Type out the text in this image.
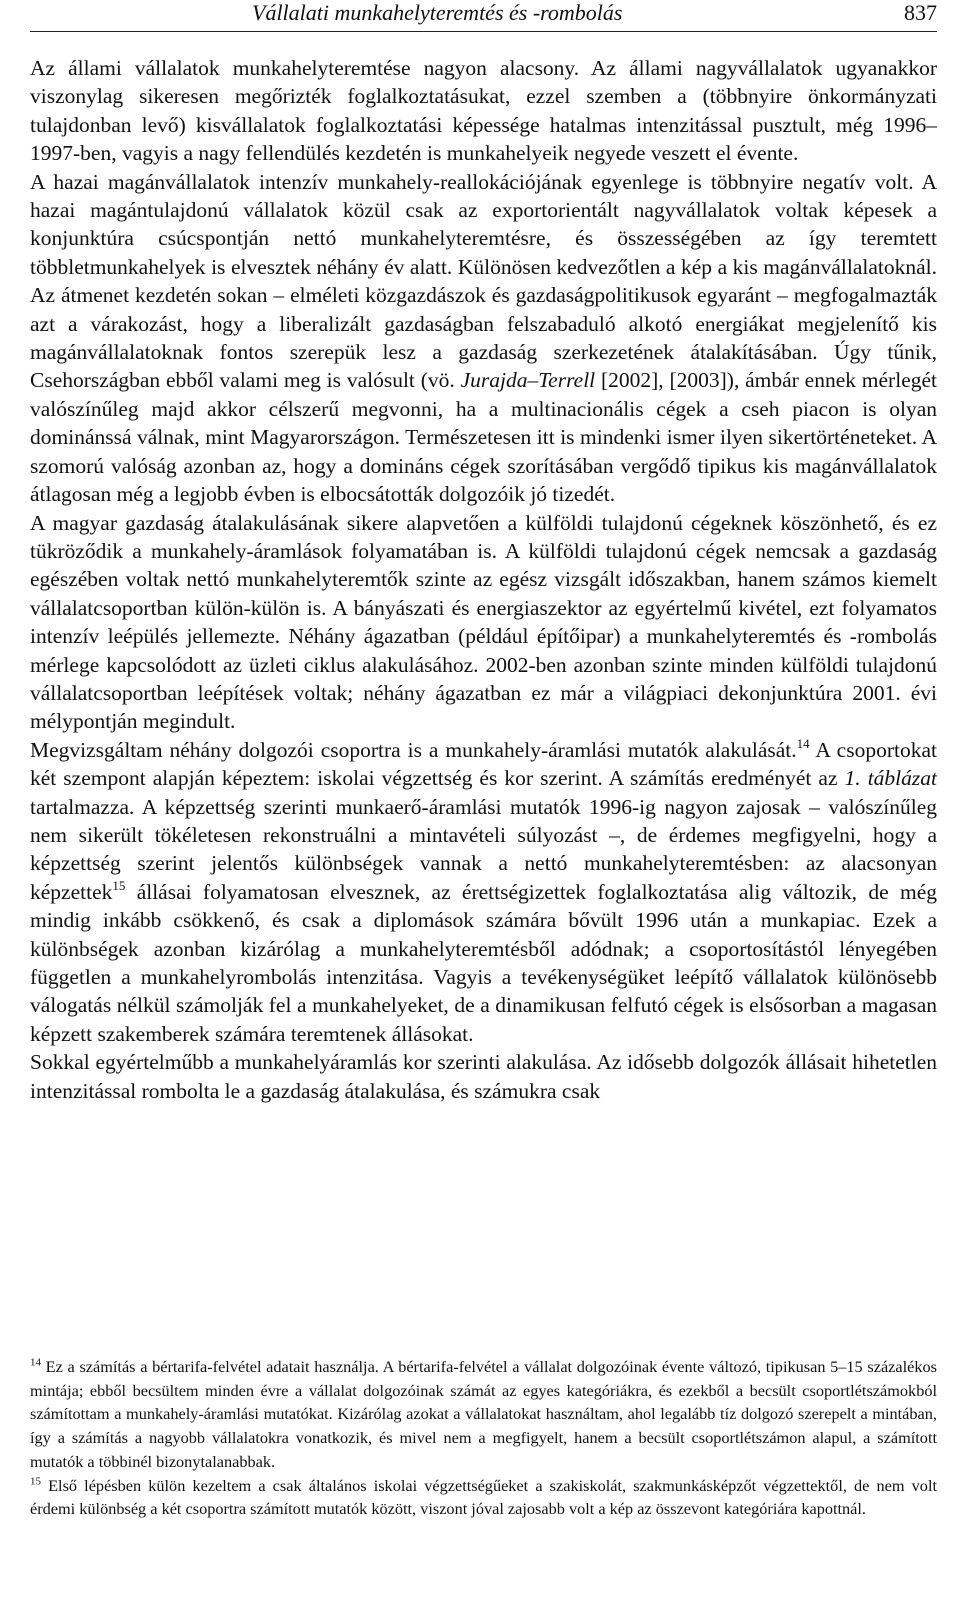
Vállalati munkahelyteremtés és -rombolás	837

Az állami vállalatok munkahelyteremtése nagyon alacsony. Az állami nagyvállalatok ugyanakkor viszonylag sikeresen megőrizték foglalkoztatásukat, ezzel szemben a (többnyire önkormányzati tulajdonban levő) kisvállalatok foglalkoztatási képessége hatalmas intenzitással pusztult, még 1996–1997-ben, vagyis a nagy fellendülés kezdetén is munkahelyeik negyede veszett el évente.

A hazai magánvállalatok intenzív munkahely-reallokációjának egyenlege is többnyire negatív volt. A hazai magántulajdonú vállalatok közül csak az exportorientált nagyvállalatok voltak képesek a konjunktúra csúcspontján nettó munkahelyteremtésre, és összességében az így teremtett többletmunkahelyek is elvesztek néhány év alatt. Különösen kedvezőtlen a kép a kis magánvállalatoknál. Az átmenet kezdetén sokan – elméleti közgazdászok és gazdaságpolitikusok egyaránt – megfogalmazták azt a várakozást, hogy a liberalizált gazdaságban felszabaduló alkotó energiákat megjelenítő kis magánvállalatoknak fontos szerepük lesz a gazdaság szerkezetének átalakításában. Úgy tűnik, Csehországban ebből valami meg is valósult (vö. Jurajda–Terrell [2002], [2003]), ámbár ennek mérlegét valószínűleg majd akkor célszerű megvonni, ha a multinacionális cégek a cseh piacon is olyan dominánssá válnak, mint Magyarországon. Természetesen itt is mindenki ismer ilyen sikertörténeteket. A szomorú valóság azonban az, hogy a domináns cégek szorításában vergődő tipikus kis magánvállalatok átlagosan még a legjobb évben is elbocsátották dolgozóik jó tizedét.

A magyar gazdaság átalakulásának sikere alapvetően a külföldi tulajdonú cégeknek köszönhető, és ez tükröződik a munkahely-áramlások folyamatában is. A külföldi tulajdonú cégek nemcsak a gazdaság egészében voltak nettó munkahelyteremtők szinte az egész vizsgált időszakban, hanem számos kiemelt vállalatcsoportban külön-külön is. A bányászati és energiaszektor az egyértelmű kivétel, ezt folyamatos intenzív leépülés jellemezte. Néhány ágazatban (például építőipar) a munkahelyteremtés és -rombolás mérlege kapcsolódott az üzleti ciklus alakulásához. 2002-ben azonban szinte minden külföldi tulajdonú vállalatcsoportban leépítések voltak; néhány ágazatban ez már a világpiaci dekonjunktúra 2001. évi mélypontján megindult.

Megvizsgáltam néhány dolgozói csoportra is a munkahely-áramlási mutatók alakulását.$^{14}$ A csoportokat két szempont alapján képeztem: iskolai végzettség és kor szerint. A számítás eredményét az 1. táblázat tartalmazza. A képzettség szerinti munkaerő-áramlási mutatók 1996-ig nagyon zajosak – valószínűleg nem sikerült tökéletesen rekonstruálni a mintavételi súlyozást –, de érdemes megfigyelni, hogy a képzettség szerint jelentős különbségek vannak a nettó munkahelyteremtésben: az alacsonyan képzettek$^{15}$ állásai folyamatosan elvesznek, az érettségizettek foglalkoztatása alig változik, de még mindig inkább csökkenő, és csak a diplomások számára bővült 1996 után a munkapiac. Ezek a különbségek azonban kizárólag a munkahelyteremtésből adódnak; a csoportosítástól lényegében független a munkahelyrombolás intenzitása. Vagyis a tevékenységüket leépítő vállalatok különösebb válogatás nélkül számolják fel a munkahelyeket, de a dinamikusan felfutó cégek is elsősorban a magasan képzett szakemberek számára teremtenek állásokat.

Sokkal egyértelműbb a munkahelyáramlás kor szerinti alakulása. Az idősebb dolgozók állásait hihetetlen intenzitással rombolta le a gazdaság átalakulása, és számukra csak

$^{14}$ Ez a számítás a bértarifa-felvétel adatait használja. A bértarifa-felvétel a vállalat dolgozóinak évente változó, tipikusan 5–15 százalékos mintája; ebből becsültem minden évre a vállalat dolgozóinak számát az egyes kategóriákra, és ezekből a becsült csoportlétszámokból számítottam a munkahely-áramlási mutatókat. Kizárólag azokat a vállalatokat használtam, ahol legalább tíz dolgozó szerepelt a mintában, így a számítás a nagyobb vállalatokra vonatkozik, és mivel nem a megfigyelt, hanem a becsült csoportlétszámon alapul, a számított mutatók a többinél bizonytalanabbak.

$^{15}$ Első lépésben külön kezeltem a csak általános iskolai végzettségűeket a szakiskolát, szakmunkásképzőt végzettektől, de nem volt érdemi különbség a két csoportra számított mutatók között, viszont jóval zajosabb volt a kép az összevont kategóriára kapottnál.
